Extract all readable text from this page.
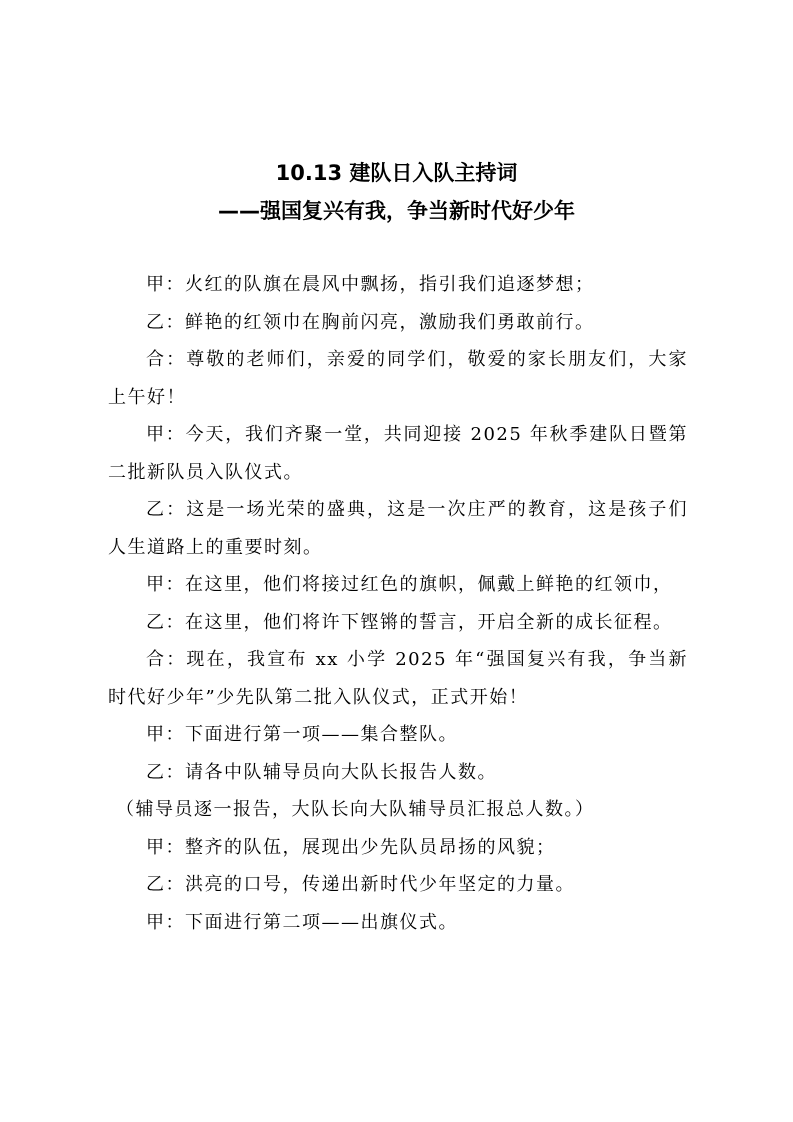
10.13 建队日入队主持词
——强国复兴有我，争当新时代好少年

甲：火红的队旗在晨风中飘扬，指引我们追逐梦想；

乙：鲜艳的红领巾在胸前闪亮，激励我们勇敢前行。

合：尊敬的老师们，亲爱的同学们，敬爱的家长朋友们，大家上午好！

甲：今天，我们齐聚一堂，共同迎接 2025 年秋季建队日暨第二批新队员入队仪式。

乙：这是一场光荣的盛典，这是一次庄严的教育，这是孩子们人生道路上的重要时刻。

甲：在这里，他们将接过红色的旗帜，佩戴上鲜艳的红领巾，

乙：在这里，他们将许下铿锵的誓言，开启全新的成长征程。

合：现在，我宣布 xx 小学 2025 年“强国复兴有我，争当新时代好少年”少先队第二批入队仪式，正式开始！

甲：下面进行第一项——集合整队。

乙：请各中队辅导员向大队长报告人数。

（辅导员逐一报告，大队长向大队辅导员汇报总人数。）

甲：整齐的队伍，展现出少先队员昂扬的风貌；

乙：洪亮的口号，传递出新时代少年坚定的力量。

甲：下面进行第二项——出旗仪式。
